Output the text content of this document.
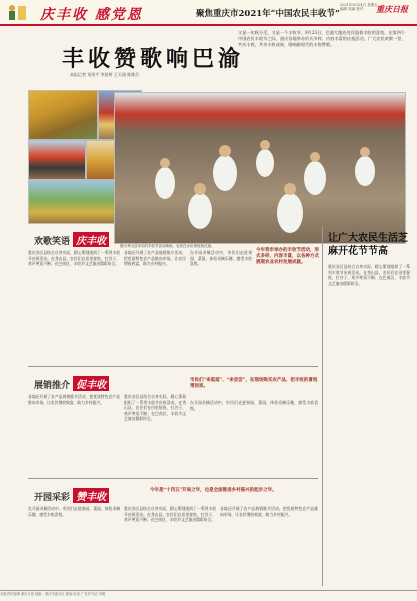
庆丰收 感党恩	聚焦重庆市2021年“中国农民丰收节”
2021年9月24日 星期五 编辑 美编 校对	重庆日报
丰收赞歌响巴渝
本报记者 刘茂平 李星婷 王天翊 陈维灯
又是一年秋分至，又是一个丰收节。9月23日，巴渝大地处处洋溢着丰收的喜悦。在第四个中国农民丰收节之际，重庆各地举办形式多样、内容丰富的庆祝活动，广大农民欢聚一堂，共庆丰收，共享丰收成果，唱响新时代的丰收赞歌。
图为秀山县举办的丰收节活动现场，农民在水田里捉鱼比赛。
欢歌笑语 庆丰收
重庆各区县结合自身实际，精心策划组织了一系列丰收节庆祝活动。在秀山县，农民们在田里捉鱼、打谷子，欢声笑语不断；在巴南区，丰收节文艺演出精彩纷呈。
各地还开展了农产品展销推介活动，把优质特色农产品推向市场，让农民增收致富，助力乡村振兴。
在开园采摘活动中，市民们走进果园、菜园，体验采摘乐趣，感受丰收喜悦。
今年我市举办的丰收节活动，形式多样，内容丰富，以各种方式展现农业农村发展成就。
让广大农民生活芝麻开花节节高
重庆各区县结合自身实际，精心策划组织了一系列丰收节庆祝活动。在秀山县，农民们在田里捉鱼、打谷子，欢声笑语不断；在巴南区，丰收节文艺演出精彩纷呈。
展销推介 促丰收
各地还开展了农产品展销推介活动，把优质特色农产品推向市场，让农民增收致富，助力乡村振兴。
重庆各区县结合自身实际，精心策划组织了一系列丰收节庆祝活动。在秀山县，农民们在田里捉鱼、打谷子，欢声笑语不断；在巴南区，丰收节文艺演出精彩纷呈。
市民们“来逛逛”、“来尝尝”、在现场购买农产品，把丰收的喜悦带回家。
在开园采摘活动中，市民们走进果园、菜园，体验采摘乐趣，感受丰收喜悦。
开园采彩 赞丰收
今年是“十四五”开局之年，也是全面推进乡村振兴的起步之年。
在开园采摘活动中，市民们走进果园、菜园，体验采摘乐趣，感受丰收喜悦。
重庆各区县结合自身实际，精心策划组织了一系列丰收节庆祝活动。在秀山县，农民们在田里捉鱼、打谷子，欢声笑语不断；在巴南区，丰收节文艺演出精彩纷呈。
各地还开展了农产品展销推介活动，把优质特色农产品推向市场，让农民增收致富，助力乡村振兴。
本版责任编辑 重庆日报 地址：重庆市渝北区 邮编 电话 广告许可证 印刷
